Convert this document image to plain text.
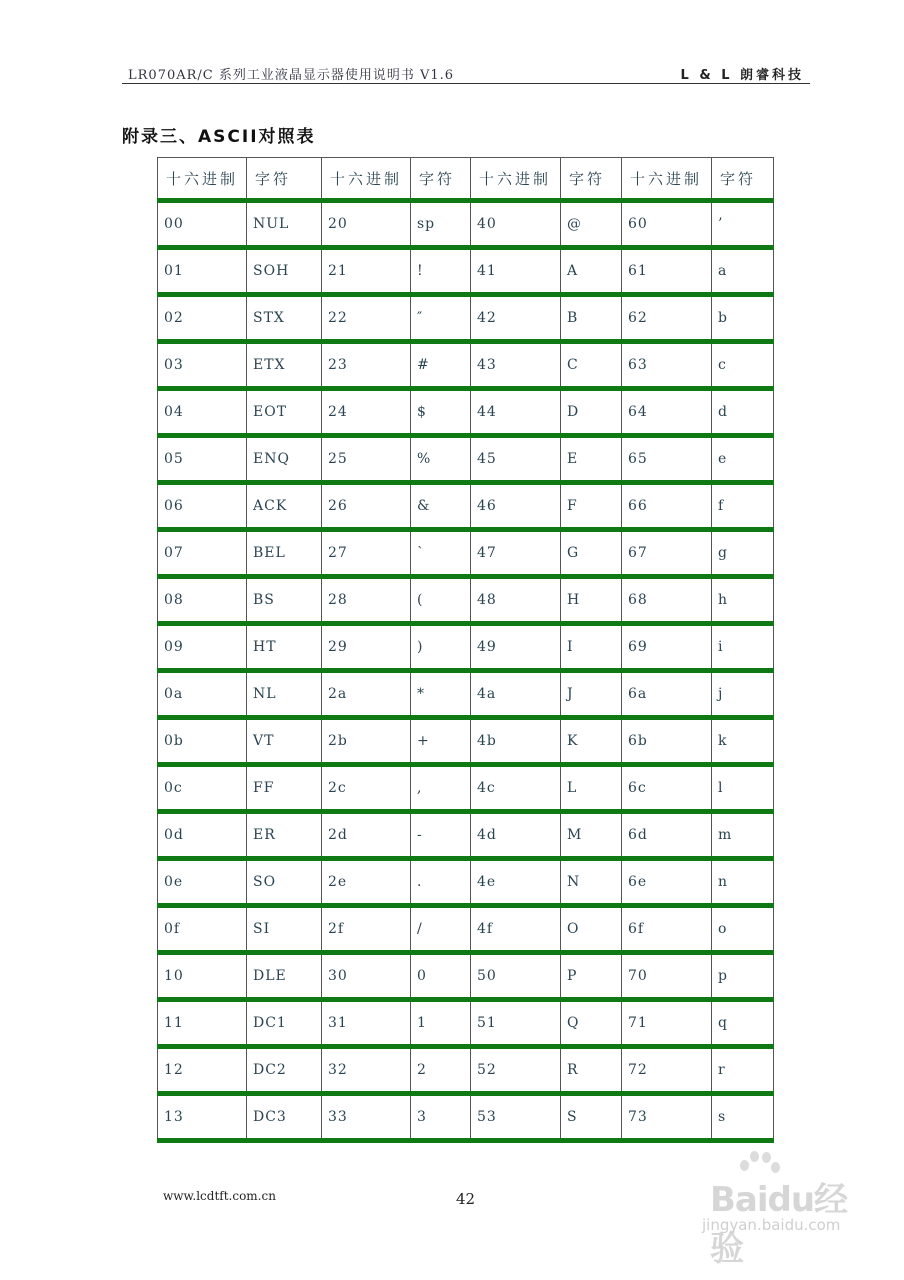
LR070AR/C 系列工业液晶显示器使用说明书 V1.6	L & L 朗睿科技
附录三、ASCII对照表
十六进制	字符	十六进制	字符	十六进制	字符	十六进制	字符
00	NUL	20	sp	40	@	60	’
01	SOH	21	!	41	A	61	a
02	STX	22	″	42	B	62	b
03	ETX	23	#	43	C	63	c
04	EOT	24	$	44	D	64	d
05	ENQ	25	%	45	E	65	e
06	ACK	26	&	46	F	66	f
07	BEL	27	`	47	G	67	g
08	BS	28	(	48	H	68	h
09	HT	29	)	49	I	69	i
0a	NL	2a	*	4a	J	6a	j
0b	VT	2b	+	4b	K	6b	k
0c	FF	2c	,	4c	L	6c	l
0d	ER	2d	-	4d	M	6d	m
0e	SO	2e	.	4e	N	6e	n
0f	SI	2f	/	4f	O	6f	o
10	DLE	30	0	50	P	70	p
11	DC1	31	1	51	Q	71	q
12	DC2	32	2	52	R	72	r
13	DC3	33	3	53	S	73	s
www.lcdtft.com.cn	42	Baidu经验
jingyan.baidu.com
